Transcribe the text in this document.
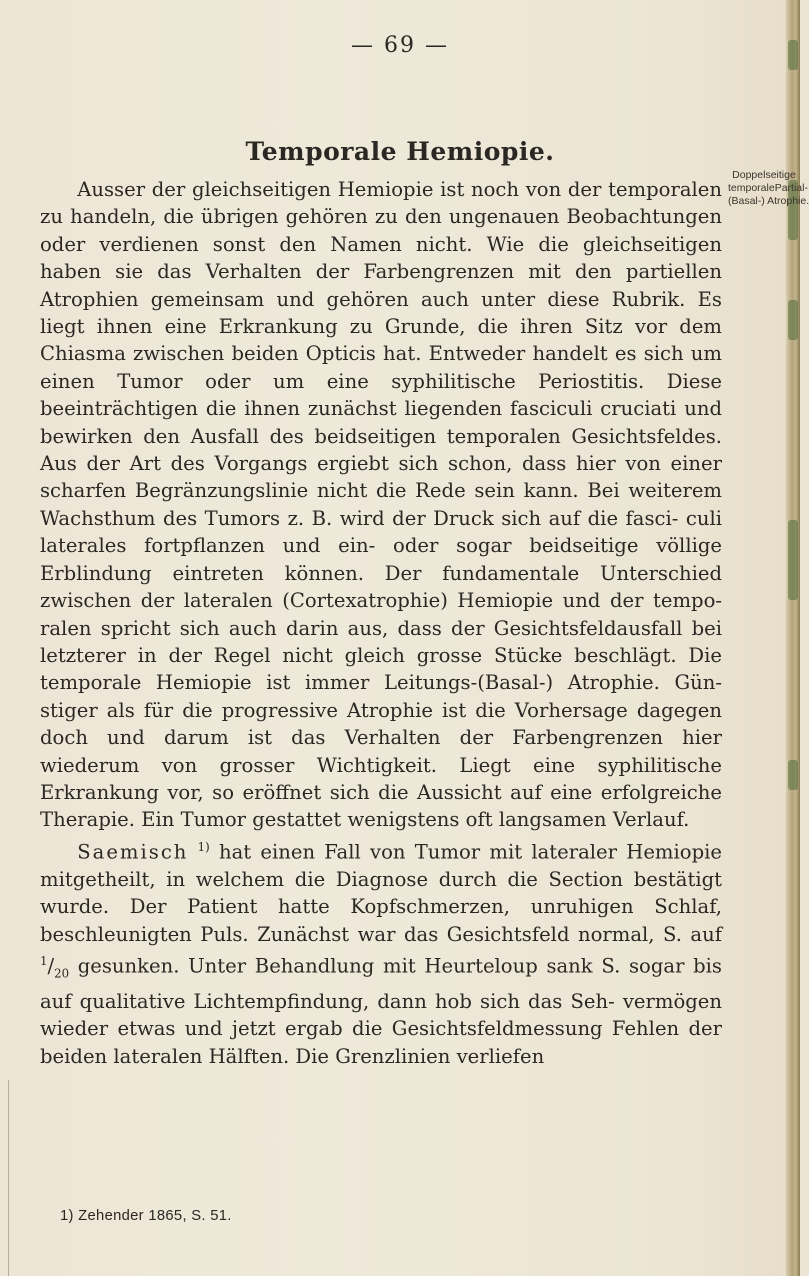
— 69 —
Temporale Hemiopie.
Doppelseitige
temporalePartial-
(Basal-) Atrophie.

Ausser der gleichseitigen Hemiopie ist noch von der temporalen zu handeln, die übrigen gehören zu den ungenauen Beobachtungen oder verdienen sonst den Namen nicht. Wie die gleichseitigen haben sie das Verhalten der Farbengrenzen mit den partiellen Atrophien gemeinsam und gehören auch unter diese Rubrik. Es liegt ihnen eine Erkrankung zu Grunde, die ihren Sitz vor dem Chiasma zwischen beiden Opticis hat. Entweder handelt es sich um einen Tumor oder um eine syphilitische Periostitis. Diese beeinträchtigen die ihnen zunächst liegenden fasciculi cruciati und bewirken den Ausfall des beidseitigen temporalen Gesichtsfeldes. Aus der Art des Vorgangs ergiebt sich schon, dass hier von einer scharfen Begränzungslinie nicht die Rede sein kann. Bei weiterem Wachsthum des Tumors z. B. wird der Druck sich auf die fasci- culi laterales fortpflanzen und ein- oder sogar beidseitige völlige Erblindung eintreten können. Der fundamentale Unterschied zwischen der lateralen (Cortexatrophie) Hemiopie und der tempo- ralen spricht sich auch darin aus, dass der Gesichtsfeldausfall bei letzterer in der Regel nicht gleich grosse Stücke beschlägt. Die temporale Hemiopie ist immer Leitungs-(Basal-) Atrophie. Gün- stiger als für die progressive Atrophie ist die Vorhersage dagegen doch und darum ist das Verhalten der Farbengrenzen hier wiederum von grosser Wichtigkeit. Liegt eine syphilitische Erkrankung vor, so eröffnet sich die Aussicht auf eine erfolgreiche Therapie. Ein Tumor gestattet wenigstens oft langsamen Verlauf.

Saemisch $^{1)}$ hat einen Fall von Tumor mit lateraler Hemiopie mitgetheilt, in welchem die Diagnose durch die Section bestätigt wurde. Der Patient hatte Kopfschmerzen, unruhigen Schlaf, beschleunigten Puls. Zunächst war das Gesichtsfeld normal, S. auf $^1/_{20}$ gesunken. Unter Behandlung mit Heurteloup sank S. sogar bis auf qualitative Lichtempfindung, dann hob sich das Seh- vermögen wieder etwas und jetzt ergab die Gesichtsfeldmessung Fehlen der beiden lateralen Hälften. Die Grenzlinien verliefen

1) Zehender 1865, S. 51.
